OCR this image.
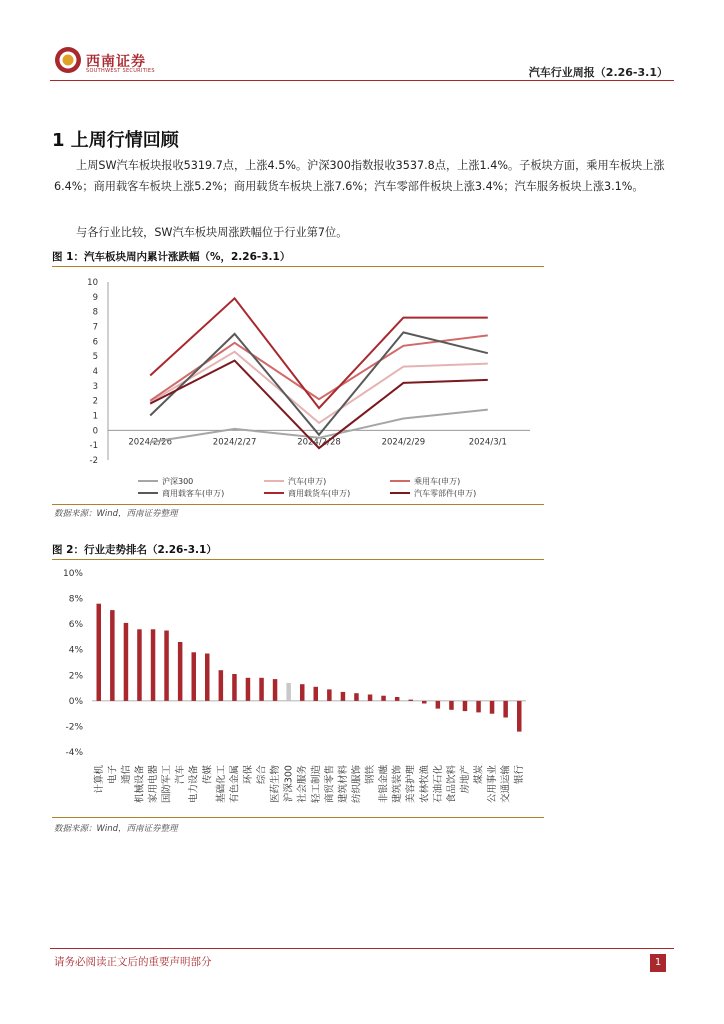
西南证券
SOUTHWEST SECURITIES	汽车行业周报（2.26-3.1）
1 上周行情回顾

上周SW汽车板块报收5319.7点，上涨4.5%。沪深300指数报收3537.8点，上涨1.4%。子板块方面，乘用车板块上涨6.4%；商用载客车板块上涨5.2%；商用载货车板块上涨7.6%；汽车零部件板块上涨3.4%；汽车服务板块上涨3.1%。

与各行业比较，SW汽车板块周涨跌幅位于行业第7位。

图 1：汽车板块周内累计涨跌幅（%，2.26-3.1）
10
9
8
7
6
5
4
3
2
1
0
-1
-2
2024/2/26	2024/2/27	2024/2/28	2024/2/29	2024/3/1
沪深300	汽车(申万)	乘用车(申万)
商用载客车(申万)	商用载货车(申万)	汽车零部件(申万)
数据来源：Wind，西南证券整理
图 2：行业走势排名（2.26-3.1）
10%
8%
6%
4%
2%
0%
-2%
-4%
计算机 电子 通信 机械设备 家用电器 国防军工 汽车 电力设备 传媒 基础化工 有色金属 环保 综合 医药生物 沪深300 社会服务 轻工制造 商贸零售 建筑材料 纺织服饰 钢铁 非银金融 建筑装饰 美容护理 农林牧渔 石油石化 食品饮料 房地产 煤炭 公用事业 交通运输 银行
数据来源：Wind，西南证券整理
请务必阅读正文后的重要声明部分	1
